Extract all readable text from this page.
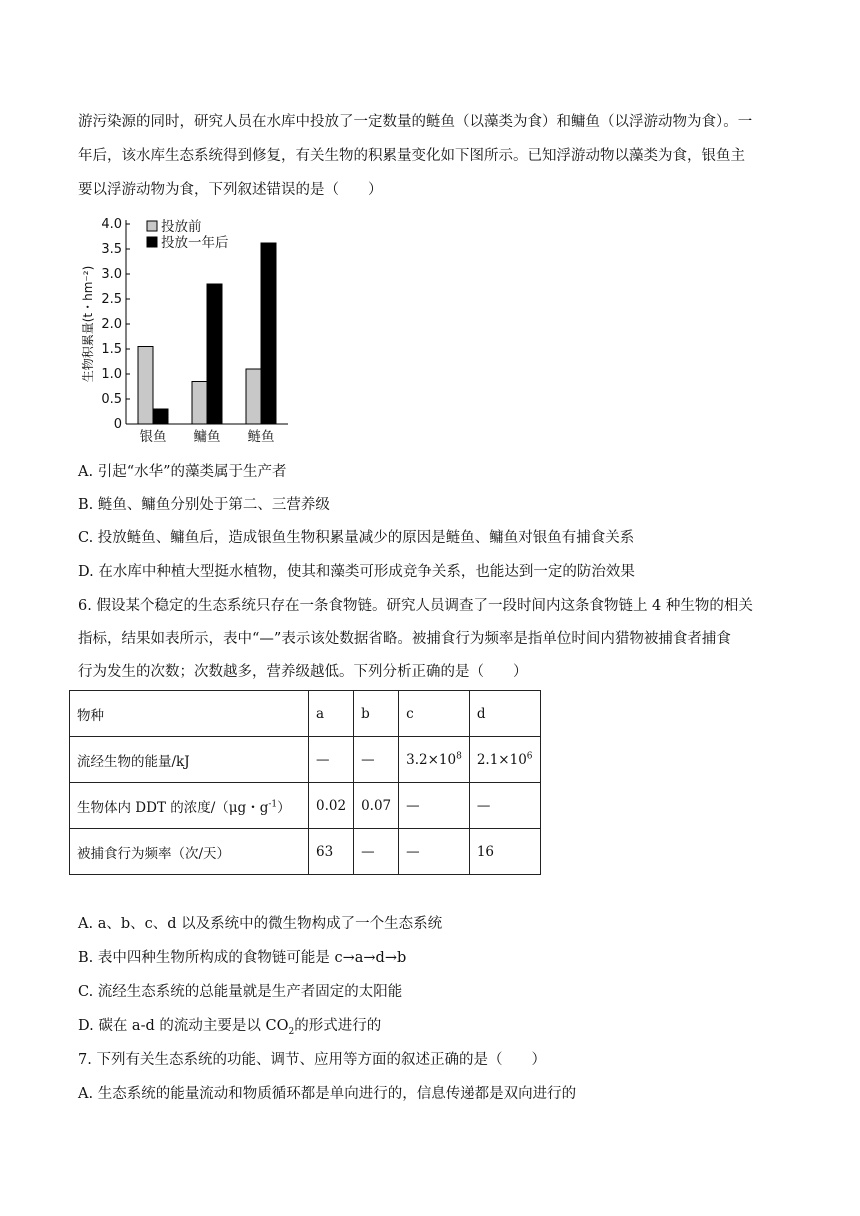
游污染源的同时，研究人员在水库中投放了一定数量的鲢鱼（以藻类为食）和鳙鱼（以浮游动物为食）。一
年后，该水库生态系统得到修复，有关生物的积累量变化如下图所示。已知浮游动物以藻类为食，银鱼主
要以浮游动物为食，下列叙述错误的是（　　）
0
0.5
1.0
1.5
2.0
2.5
3.0
3.5
4.0
生物积累量(t・hm⁻²)
银鱼 鳙鱼 鲢鱼
投放前
投放一年后
A. 引起“水华”的藻类属于生产者
B. 鲢鱼、鳙鱼分别处于第二、三营养级
C. 投放鲢鱼、鳙鱼后，造成银鱼生物积累量减少的原因是鲢鱼、鳙鱼对银鱼有捕食关系
D. 在水库中种植大型挺水植物，使其和藻类可形成竞争关系，也能达到一定的防治效果
6. 假设某个稳定的生态系统只存在一条食物链。研究人员调查了一段时间内这条食物链上 4 种生物的相关
指标，结果如表所示，表中“—”表示该处数据省略。被捕食行为频率是指单位时间内猎物被捕食者捕食
行为发生的次数；次数越多，营养级越低。下列分析正确的是（　　）
物种	a	b	c	d
流经生物的能量/kJ	—	—	$3.2\times 10^8$	$2.1\times 10^6$
生物体内 DDT 的浓度/（μg・$g^{-1}$）	0.02	0.07	—	—
被捕食行为频率（次/天）	63	—	—	16
A. a、b、c、d 以及系统中的微生物构成了一个生态系统
B. 表中四种生物所构成的食物链可能是 c→a→d→b
C. 流经生态系统的总能量就是生产者固定的太阳能
D. 碳在 a-d 的流动主要是以 $CO_2$的形式进行的
7. 下列有关生态系统的功能、调节、应用等方面的叙述正确的是（　　）
A. 生态系统的能量流动和物质循环都是单向进行的，信息传递都是双向进行的
